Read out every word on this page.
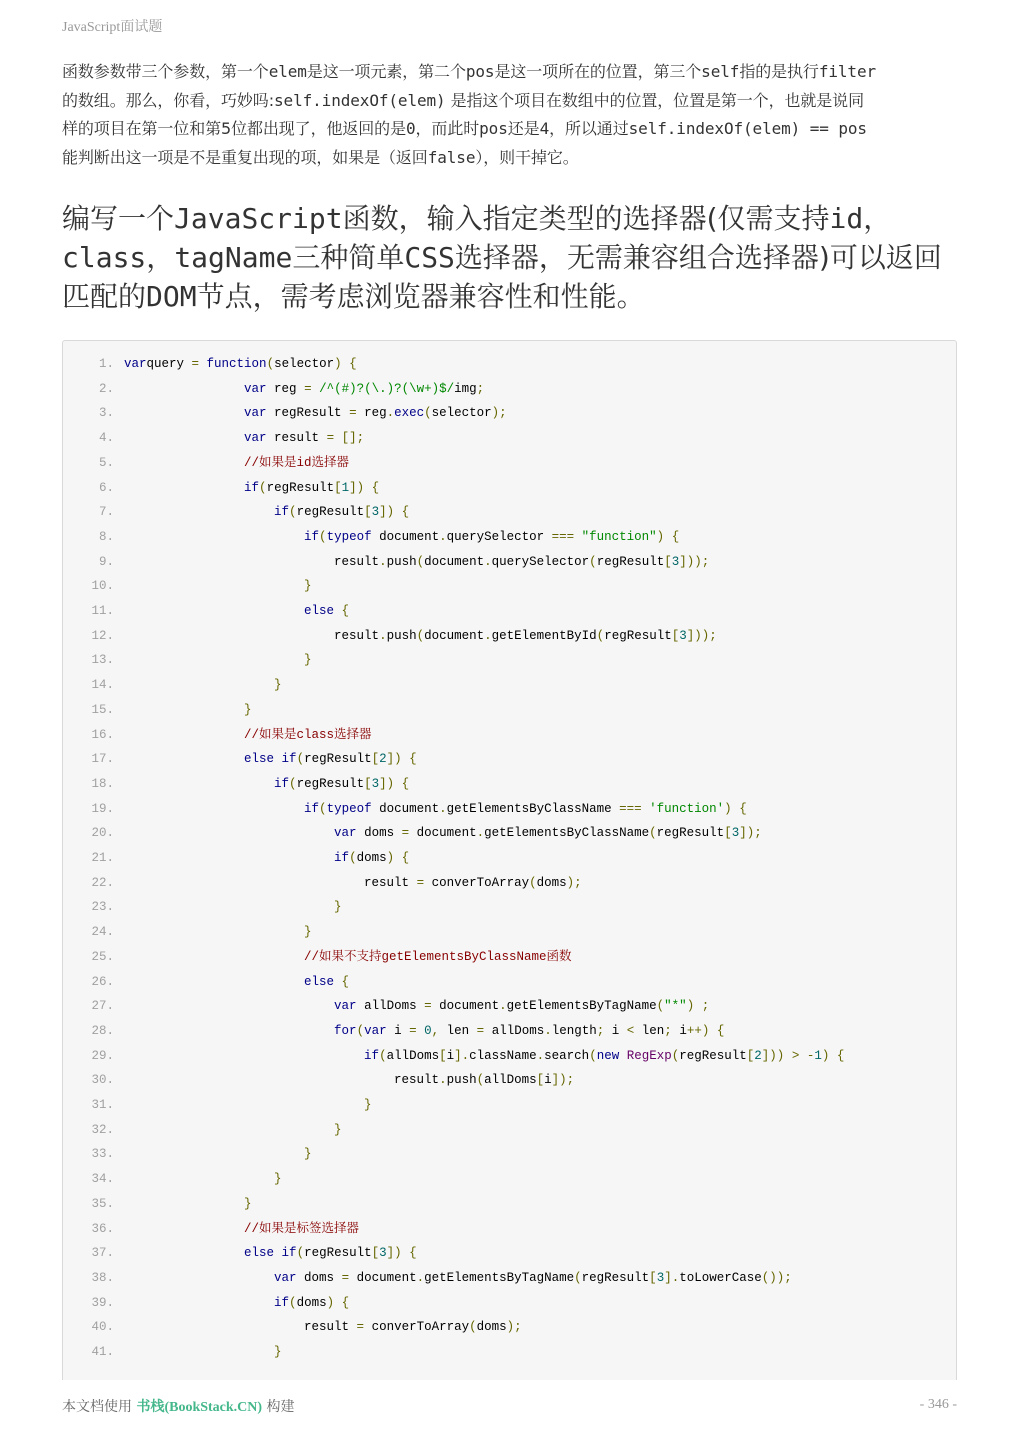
JavaScript面试题
函数参数带三个参数，第一个elem是这一项元素，第二个pos是这一项所在的位置，第三个self指的是执行filter
的数组。那么，你看，巧妙吗:self.indexOf(elem) 是指这个项目在数组中的位置，位置是第一个，也就是说同
样的项目在第一位和第5位都出现了，他返回的是0，而此时pos还是4，所以通过self.indexOf(elem) == pos
能判断出这一项是不是重复出现的项，如果是（返回false），则干掉它。
编写一个JavaScript函数，输入指定类型的选择器(仅需支持id，
class，tagName三种简单CSS选择器，无需兼容组合选择器)可以返回
匹配的DOM节点，需考虑浏览器兼容性和性能。
1. varquery = function(selector) {
2.	var reg = /^(#)?(\.)?(\w+)$/img;
3.	var regResult = reg.exec(selector);
4.	var result = [];
5.	//如果是id选择器
6.	if(regResult[1]) {
7.	if(regResult[3]) {
8.	if(typeof document.querySelector === "function") {
9.	result.push(document.querySelector(regResult[3]));
10.	}
11.	else {
12.	result.push(document.getElementById(regResult[3]));
13.	}
14.	}
15.	}
16.	//如果是class选择器
17.	else if(regResult[2]) {
18.	if(regResult[3]) {
19.	if(typeof document.getElementsByClassName === 'function') {
20.	var doms = document.getElementsByClassName(regResult[3]);
21.	if(doms) {
22.	result = converToArray(doms);
23.	}
24.	}
25.	//如果不支持getElementsByClassName函数
26.	else {
27.	var allDoms = document.getElementsByTagName("*") ;
28.	for(var i = 0, len = allDoms.length; i < len; i++) {
29.	if(allDoms[i].className.search(new RegExp(regResult[2])) > -1) {
30.	result.push(allDoms[i]);
31.	}
32.	}
33.	}
34.	}
35.	}
36.	//如果是标签选择器
37.	else if(regResult[3]) {
38.	var doms = document.getElementsByTagName(regResult[3].toLowerCase());
39.	if(doms) {
40.	result = converToArray(doms);
41.	}
本文档使用 书栈(BookStack.CN) 构建	- 346 -
